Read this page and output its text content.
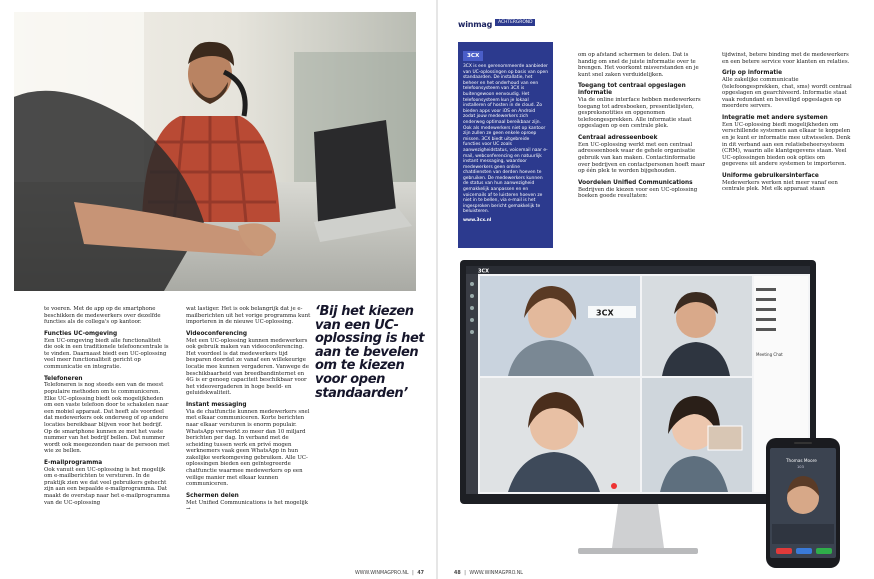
te voeren. Met de app op de smartphone beschikken de medewerkers over dezelfde functies als de collega's op kantoor.

Functies UC-omgeving

Een UC-omgeving biedt alle functionaliteit die ook in een traditionele telefooncentrale is te vinden. Daarnaast biedt een UC-oplossing veel meer functionaliteit gericht op communicatie en integratie.

Telefoneren

Telefoneren is nog steeds een van de meest populaire methoden om te communiceren. Elke UC-oplossing biedt ook mogelijkheden om een vaste telefoon door te schakelen naar een mobiel apparaat. Dat heeft als voordeel dat medewerkers ook onderweg of op andere locaties bereikbaar blijven voor het bedrijf. Op de smartphone kunnen ze met het vaste nummer van het bedrijf bellen. Dat nummer wordt ook meegezonden naar de persoon met wie ze bellen.

E-mailprogramma

Ook vanuit een UC-oplossing is het mogelijk om e-mailberichten te versturen. In de praktijk zien we dat veel gebruikers gehecht zijn aan een bepaalde e-mailprogramma. Dat maakt de overstap naar het e-mailprogramma van de UC-oplossing

wat lastiger. Het is ook belangrijk dat je e-mailberichten uit het vorige programma kunt importeren in de nieuwe UC-oplossing.

Videoconferencing

Met een UC-oplossing kunnen medewerkers ook gebruik maken van videoconferencing. Het voordeel is dat medewerkers tijd besparen doordat ze vanaf een willekeurige locatie mee kunnen vergaderen. Vanwege de beschikbaarheid van breedbandinternet en 4G is er genoeg capaciteit beschikbaar voor het videovergaderen in hoge beeld- en geluidskwaliteit.

Instant messaging

Via de chatfunctie kunnen medewerkers snel met elkaar communiceren. Korte berichten naar elkaar versturen is enorm populair. WhatsApp verwerkt zo meer dan 10 miljard berichten per dag. In verband met de scheiding tussen werk en privé mogen werknemers vaak geen WhatsApp in hun zakelijke werkomgeving gebruiken. Alle UC-oplossingen bieden een geïntegreerde chatfunctie waarmee medewerkers op een veilige manier met elkaar kunnen communiceren.

Schermen delen

Met Unified Communications is het mogelijk →

‘Bij het kiezen van een UC-oplossing is het aan te bevelen om te kiezen voor open standaarden’
WWW.WINMAGPRO.NL | 47
winmag ACHTERGROND
3CX
3CX is een gerenommeerde aanbieder van UC-oplossingen op basis van open standaarden. De installatie, het beheer en het onderhoud van een telefoonsysteem van 3CX is buitengewoon eenvoudig. Het telefoonsysteem kun je lokaal installeren of hosten in de cloud. Zo bieden apps voor iOS en Android zodat jouw medewerkers zich onderweg optimaal bereikbaar zijn. Ook als medewerkers niet op kantoor zijn zullen ze geen enkele oproep missen. 3CX biedt uitgebreide functies voor UC zoals aanwezigheidstatus, voicemail naar e-mail, webconferencing en natuurlijk instant messaging, waardoor medewerkers geen online chatdiensten van derden hoeven te gebruiken. De medewerkers kunnen de status van hun aanwezigheid gemakkelijk aanpassen en en voicemails af te luisteren hoeven ze niet in te bellen, via e-mail is het ingesproken bericht gemakkelijk te beluisteren.
www.3cx.nl

om op afstand schermen te delen. Dat is handig om snel de juiste informatie over te brengen. Het voorkomt misverstanden en je kunt snel zaken verduidelijken.

Toegang tot centraal opgeslagen informatie

Via de online interface hebben medewerkers toegang tot adresboeken, presentielijsten, gespreksnotities en opgenomen telefoongesprekken. Alle informatie staat opgeslagen op een centrale plek.

Centraal adresseenboek

Een UC-oplossing werkt met een centraal adresseenboek waar de gehele organisatie gebruik van kan maken. Contactinformatie over bedrijven en contactpersonen hoeft maar op één plek te worden bijgehouden.

Voordelen Unified Communications

Bedrijven die kiezen voor een UC-oplossing boeken goede resultaten:

tijdwinst, betere binding met de medewerkers en een betere service voor klanten en relaties.

Grip op informatie

Alle zakelijke communicatie (telefoongesprekken, chat, sms) wordt centraal opgeslagen en gearchiveerd. Informatie staat vaak redundant en beveiligd opgeslagen op meerdere servers.

Integratie met andere systemen

Een UC-oplossing biedt mogelijkheden om verschillende systemen aan elkaar te koppelen en je kunt er informatie mee uitwisselen. Denk in dit verband aan een relatiebeheersysteem (CRM), waarin alle klantgegevens staan. Veel UC-oplossingen bieden ook opties om gegevens uit andere systemen te importeren.

Uniforme gebruikersinterface

Medewerkers werken niet meer vanaf een centrale plek. Met elk apparaat staan

3CX
Meeting Chat
3CX
Thomas Moore
103
48 | WWW.WINMAGPRO.NL
